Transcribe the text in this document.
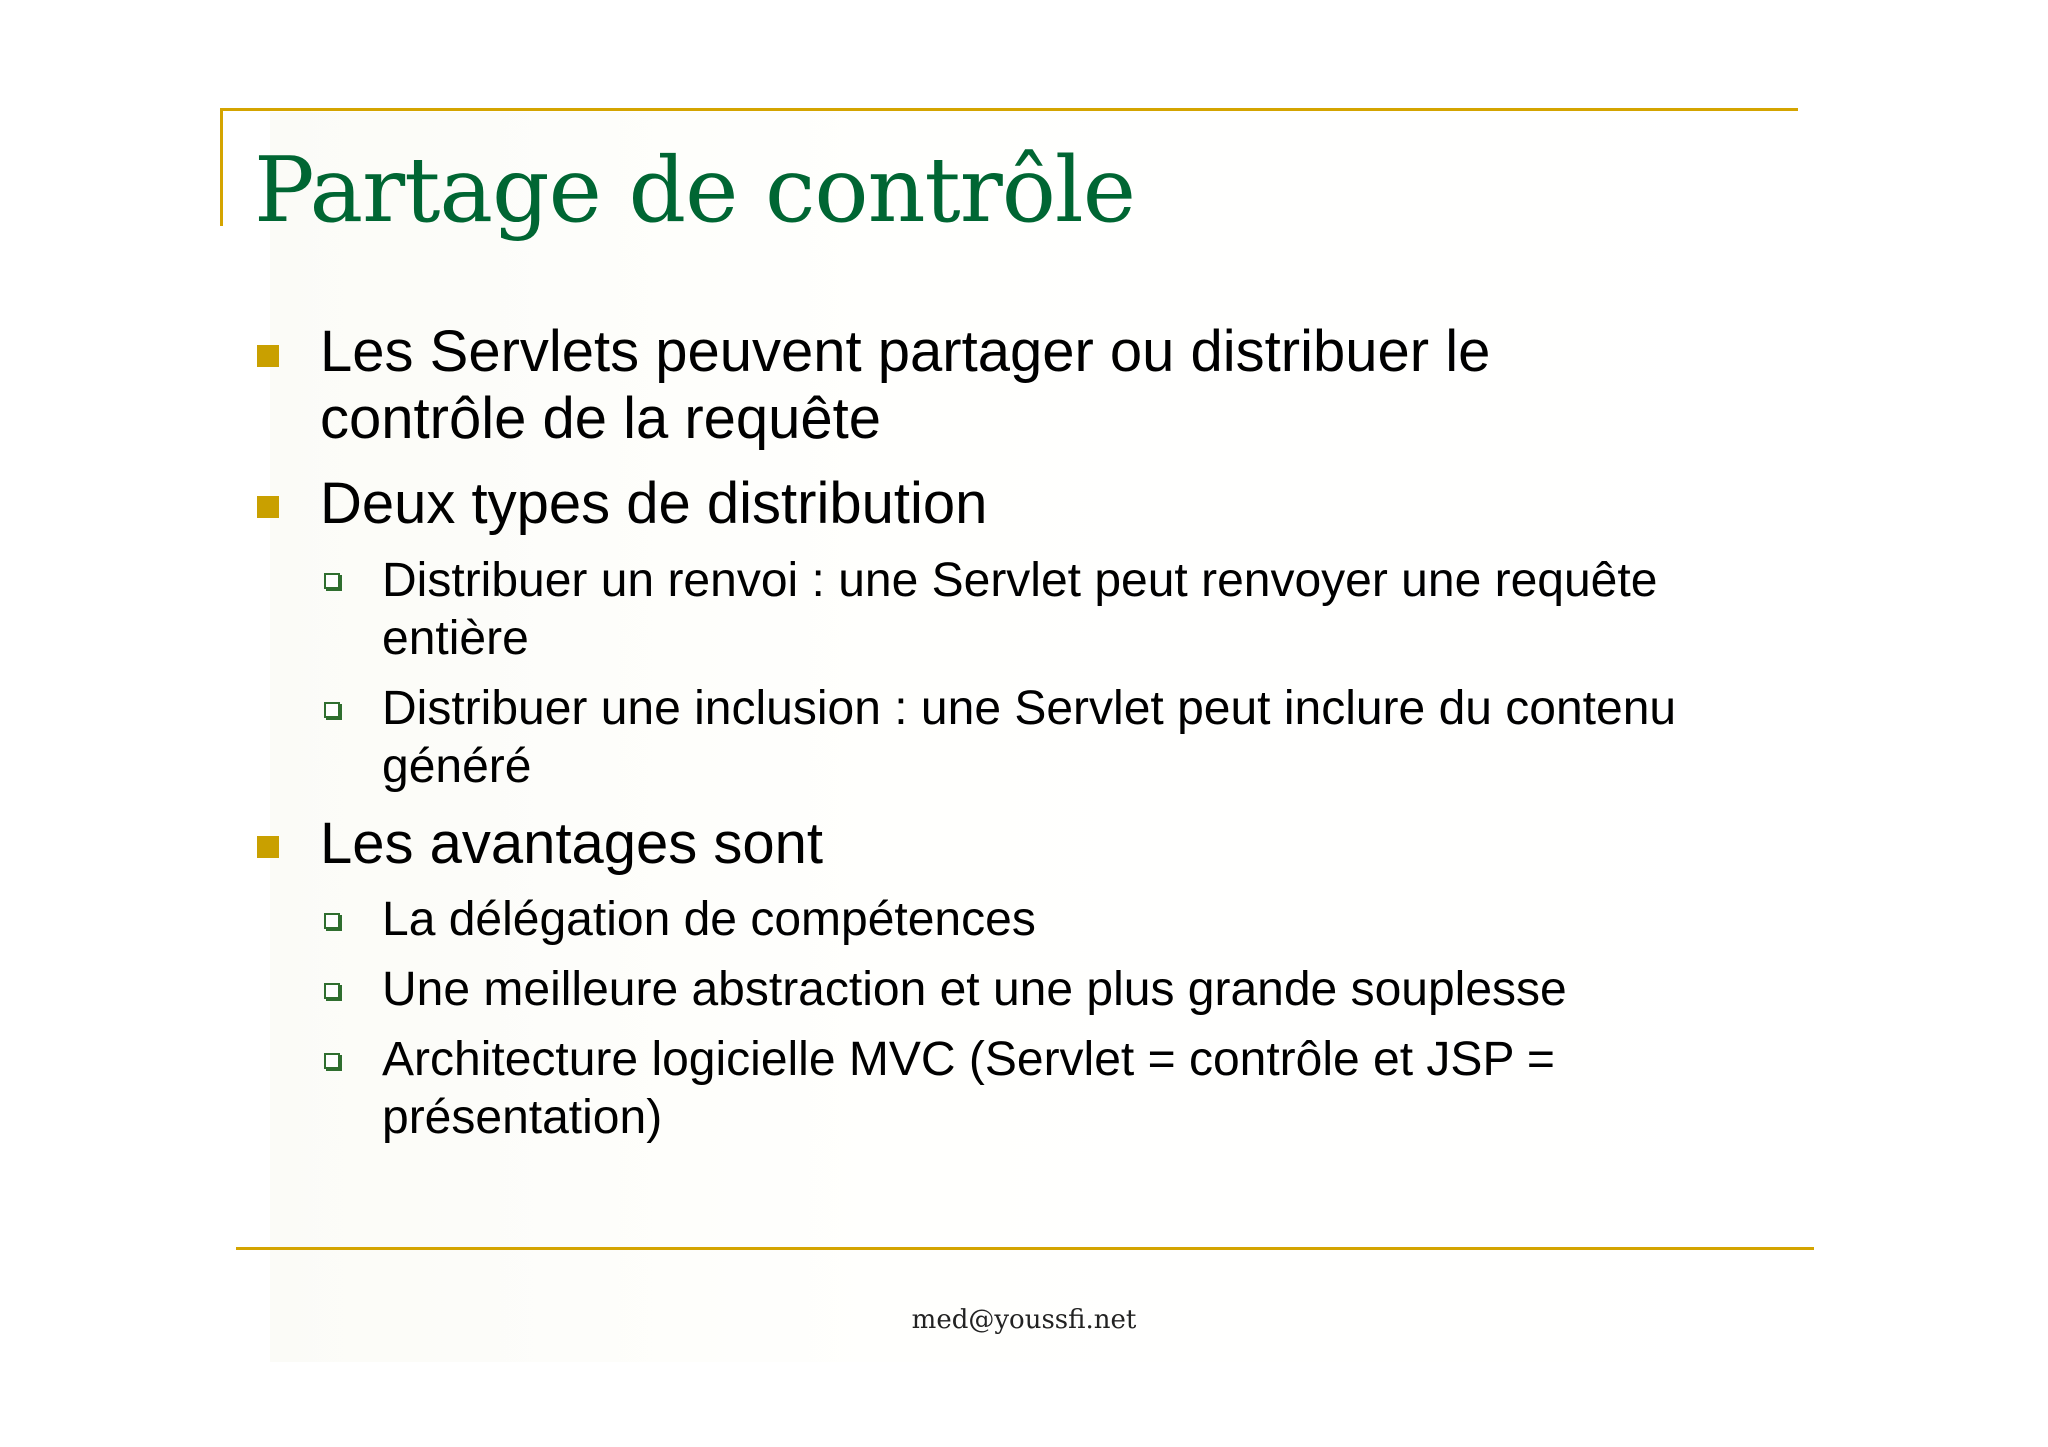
Partage de contrôle
Les Servlets peuvent partager ou distribuer le contrôle de la requête
Deux types de distribution
Distribuer un renvoi : une Servlet peut renvoyer une requête entière
Distribuer une inclusion : une Servlet peut inclure du contenu généré
Les avantages sont
La délégation de compétences
Une meilleure abstraction et une plus grande souplesse
Architecture logicielle MVC (Servlet = contrôle et JSP = présentation)
med@youssfi.net
